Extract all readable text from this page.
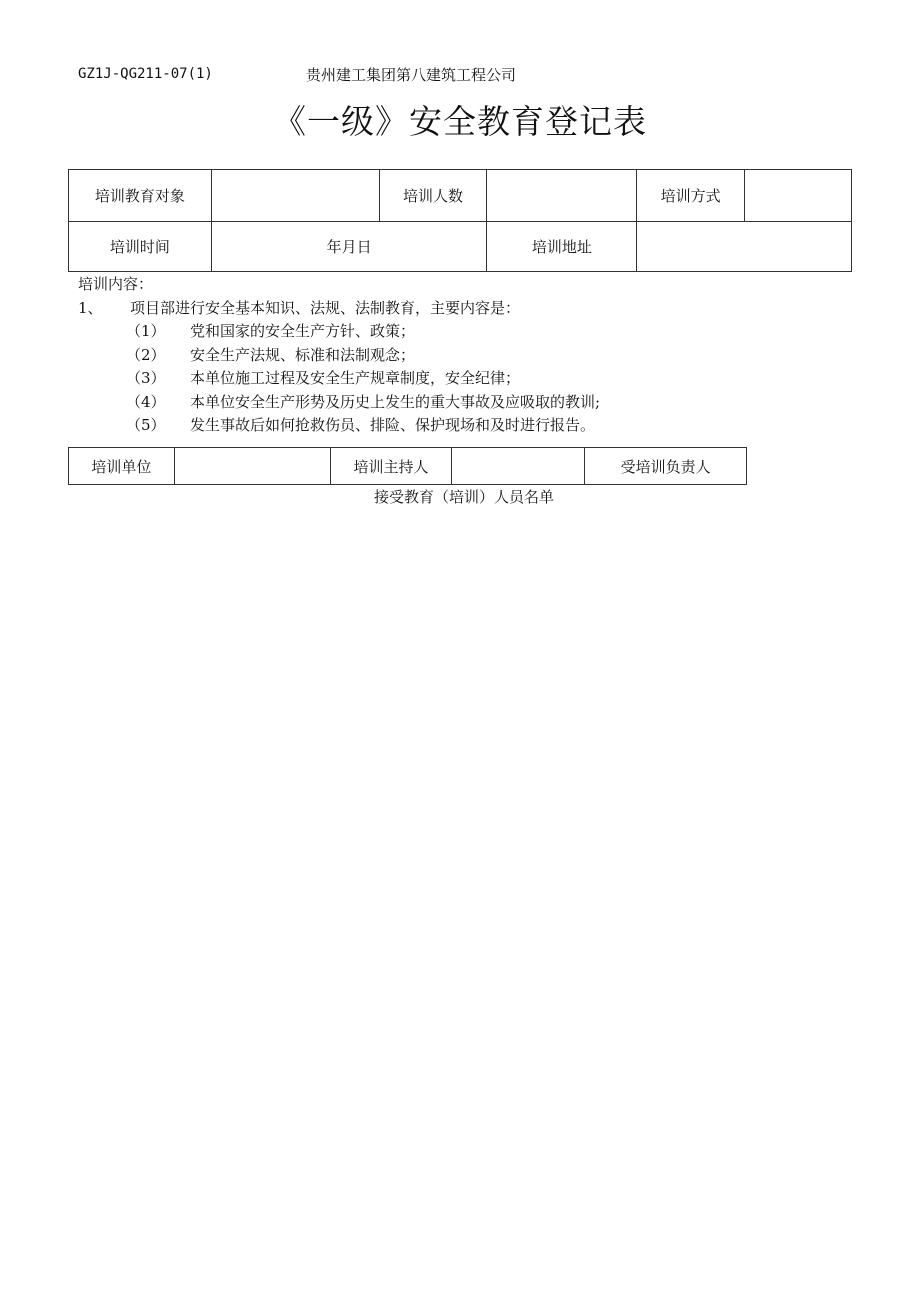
GZ1J-QG211-07(1)	贵州建工集团第八建筑工程公司
《一级》安全教育登记表
培训教育对象		培训人数		培训方式	
培训时间	年月日		培训地址		
培训内容：
1、 项目部进行安全基本知识、法规、法制教育，主要内容是：
（1） 党和国家的安全生产方针、政策；
（2） 安全生产法规、标准和法制观念；
（3） 本单位施工过程及安全生产规章制度，安全纪律；
（4） 本单位安全生产形势及历史上发生的重大事故及应吸取的教训;
（5） 发生事故后如何抢救伤员、排险、保护现场和及时进行报告。
培训单位		培训主持人		受培训负责人
接受教育（培训）人员名单
